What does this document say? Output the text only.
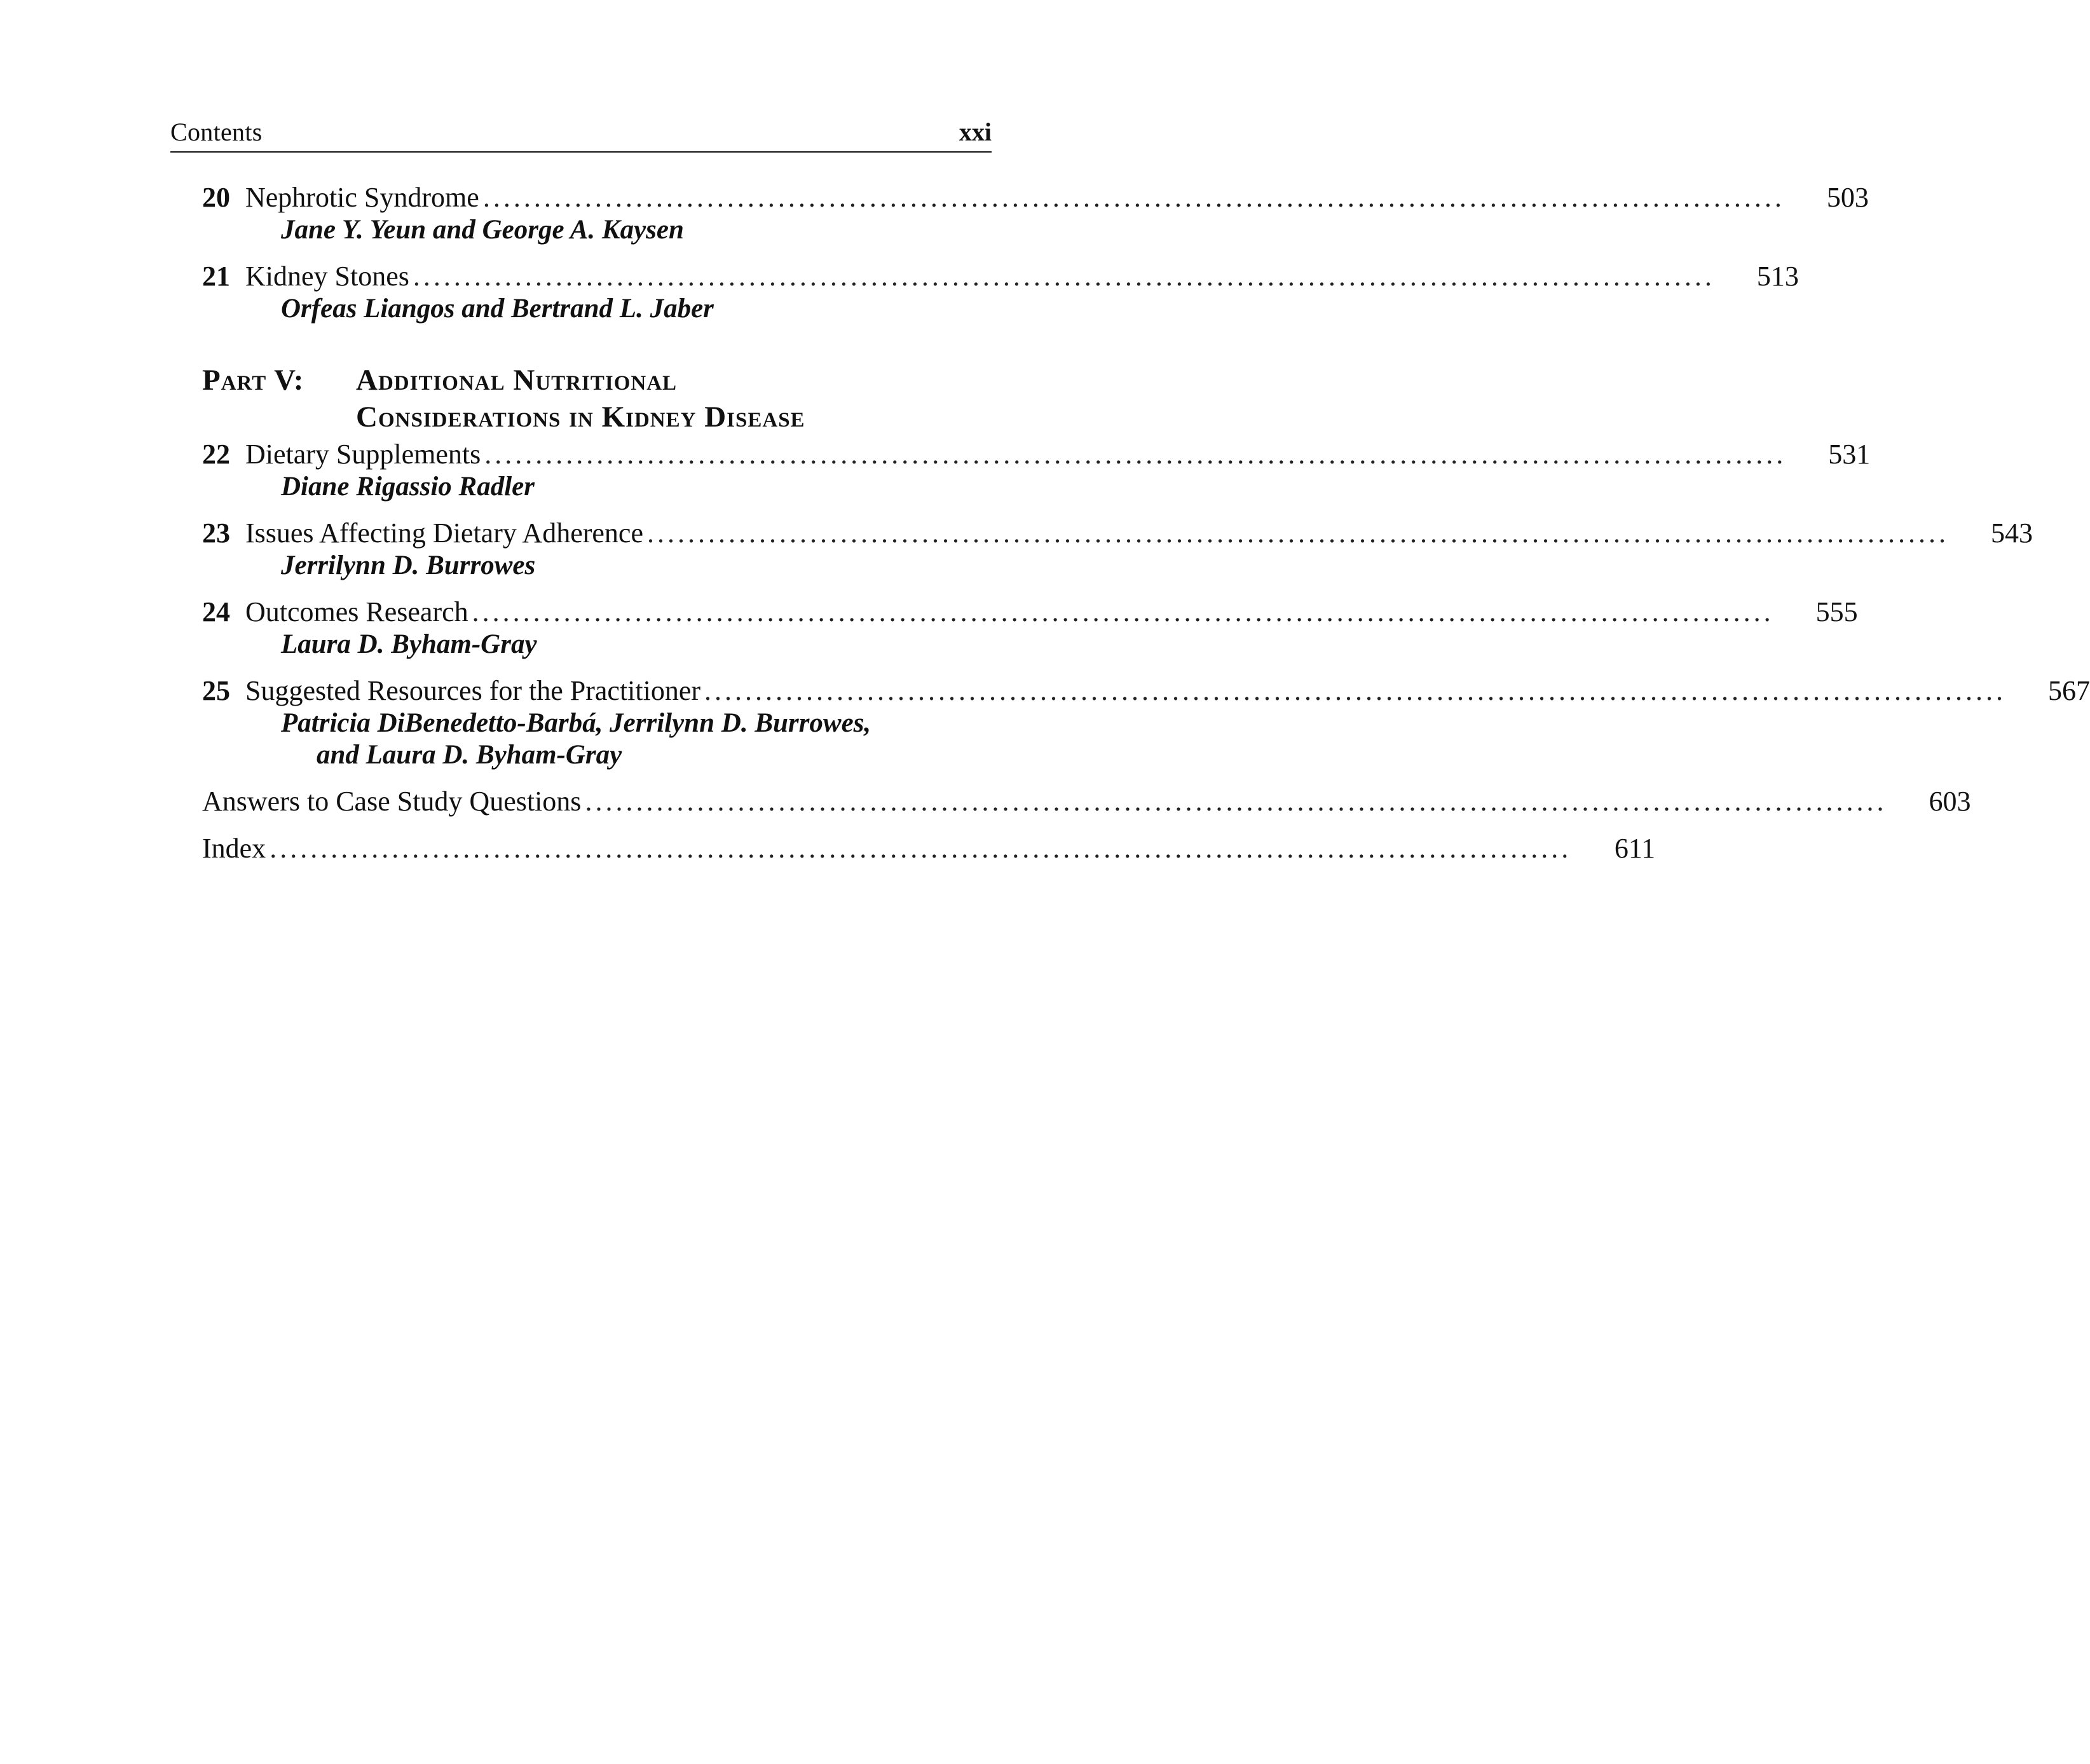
Contents	xxi
20 Nephrotic Syndrome ................................................................................................................................ 503
Jane Y. Yeun and George A. Kaysen
21 Kidney Stones ................................................................................................................................ 513
Orfeas Liangos and Bertrand L. Jaber
Part V: Additional Nutritional
Considerations in Kidney Disease
22 Dietary Supplements ................................................................................................................................ 531
Diane Rigassio Radler
23 Issues Affecting Dietary Adherence ................................................................................................................................ 543
Jerrilynn D. Burrowes
24 Outcomes Research ................................................................................................................................ 555
Laura D. Byham-Gray
25 Suggested Resources for the Practitioner ................................................................................................................................ 567
Patricia DiBenedetto-Barbá, Jerrilynn D. Burrowes,
and Laura D. Byham-Gray
Answers to Case Study Questions ................................................................................................................................ 603
Index ................................................................................................................................ 611
